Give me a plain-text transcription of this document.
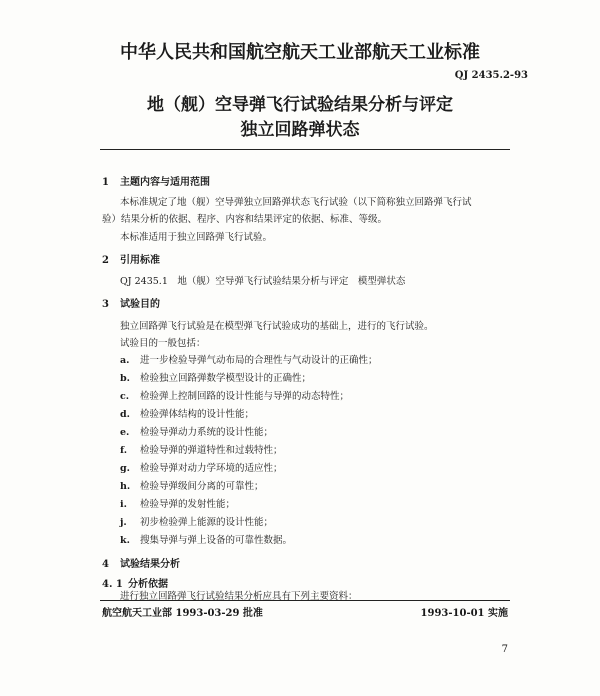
中华人民共和国航空航天工业部航天工业标准
QJ 2435.2-93
地（舰）空导弹飞行试验结果分析与评定
独立回路弹状态
1 主题内容与适用范围
本标准规定了地（舰）空导弹独立回路弹状态飞行试验（以下简称独立回路弹飞行试
验）结果分析的依据、程序、内容和结果评定的依据、标准、等级。
本标准适用于独立回路弹飞行试验。
2 引用标准
QJ 2435.1　地（舰）空导弹飞行试验结果分析与评定　模型弹状态
3 试验目的
独立回路弹飞行试验是在模型弹飞行试验成功的基础上，进行的飞行试验。
试验目的一般包括：
a. 进一步检验导弹气动布局的合理性与气动设计的正确性；
b. 检验独立回路弹数学模型设计的正确性；
c. 检验弹上控制回路的设计性能与导弹的动态特性；
d. 检验弹体结构的设计性能；
e. 检验导弹动力系统的设计性能；
f. 检验导弹的弹道特性和过载特性；
g. 检验导弹对动力学环境的适应性；
h. 检验导弹级间分离的可靠性；
i. 检验导弹的发射性能；
j. 初步检验弹上能源的设计性能；
k. 搜集导弹与弹上设备的可靠性数据。
4 试验结果分析
4. 1 分析依据
进行独立回路弹飞行试验结果分析应具有下列主要资料：
航空航天工业部 1993-03-29 批准	1993-10-01 实施
7
